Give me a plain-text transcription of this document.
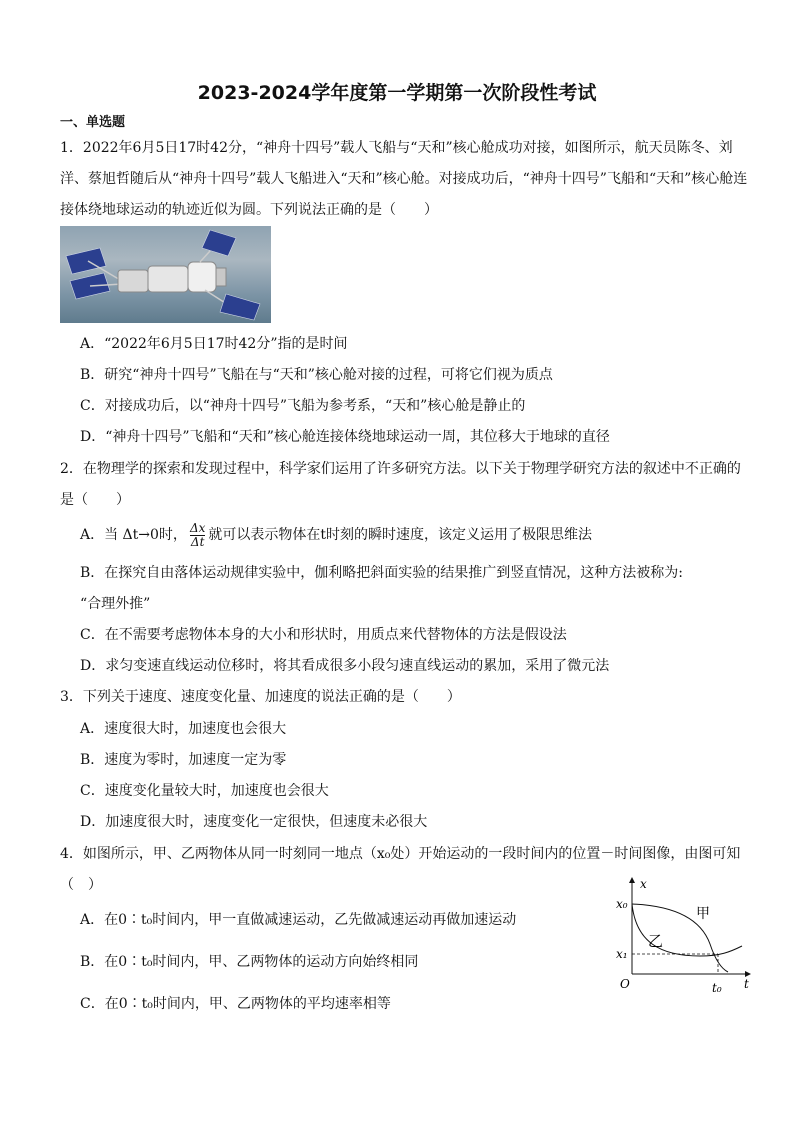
2023-2024学年度第一学期第一次阶段性考试
一、单选题
1．2022年6月5日17时42分，“神舟十四号”载人飞船与“天和”核心舱成功对接，如图所示，航天员陈冬、刘
洋、蔡旭哲随后从“神舟十四号”载人飞船进入“天和”核心舱。对接成功后，“神舟十四号”飞船和“天和”核心舱连
接体绕地球运动的轨迹近似为圆。下列说法正确的是（　　）
A．“2022年6月5日17时42分”指的是时间
B．研究“神舟十四号”飞船在与“天和”核心舱对接的过程，可将它们视为质点
C．对接成功后，以“神舟十四号”飞船为参考系，“天和”核心舱是静止的
D．“神舟十四号”飞船和“天和”核心舱连接体绕地球运动一周，其位移大于地球的直径
2．在物理学的探索和发现过程中，科学家们运用了许多研究方法。以下关于物理学研究方法的叙述中不正确的
是（　　）
A．当 Δt→0时， $\frac{\Delta x}{\Delta t}$ 就可以表示物体在t时刻的瞬时速度，该定义运用了极限思维法
B．在探究自由落体运动规律实验中，伽利略把斜面实验的结果推广到竖直情况，这种方法被称为:
“合理外推”
C．在不需要考虑物体本身的大小和形状时，用质点来代替物体的方法是假设法
D．求匀变速直线运动位移时，将其看成很多小段匀速直线运动的累加，采用了微元法
3．下列关于速度、速度变化量、加速度的说法正确的是（　　）
A．速度很大时，加速度也会很大
B．速度为零时，加速度一定为零
C．速度变化量较大时，加速度也会很大
D．加速度很大时，速度变化一定很快，但速度未必很大
4．如图所示，甲、乙两物体从同一时刻同一地点（x₀处）开始运动的一段时间内的位置－时间图像，由图可知
（　）
A．在0∶t₀时间内，甲一直做减速运动，乙先做减速运动再做加速运动
B．在0∶t₀时间内，甲、乙两物体的运动方向始终相同
C．在0∶t₀时间内，甲、乙两物体的平均速率相等
x
t
x₀
x₁
O	t₀
甲
乙
